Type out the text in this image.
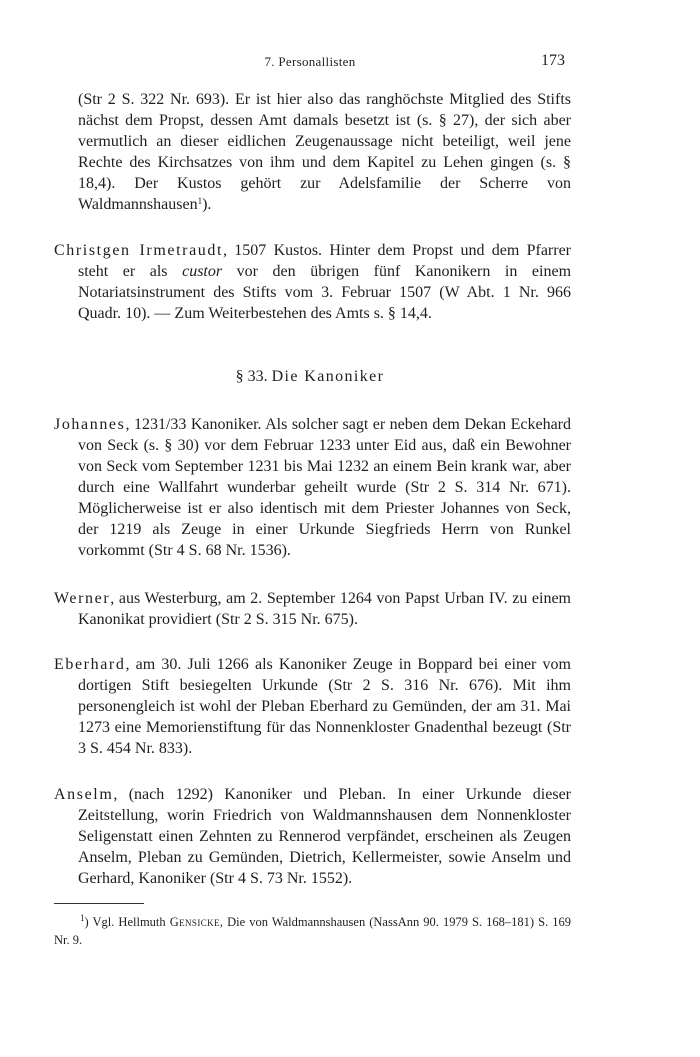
7. Personallisten	173

(Str 2 S. 322 Nr. 693). Er ist hier also das ranghöchste Mitglied des Stifts nächst dem Propst, dessen Amt damals besetzt ist (s. § 27), der sich aber vermutlich an dieser eidlichen Zeugenaussage nicht beteiligt, weil jene Rechte des Kirchsatzes von ihm und dem Kapitel zu Lehen gingen (s. § 18,4). Der Kustos gehört zur Adelsfamilie der Scherre von Waldmannshausen$^1$).

Christgen Irmetraudt, 1507 Kustos. Hinter dem Propst und dem Pfarrer steht er als custor vor den übrigen fünf Kanonikern in einem Notariatsinstrument des Stifts vom 3. Februar 1507 (W Abt. 1 Nr. 966 Quadr. 10). — Zum Weiterbestehen des Amts s. § 14,4.

§ 33. Die Kanoniker

Johannes, 1231/33 Kanoniker. Als solcher sagt er neben dem Dekan Eckehard von Seck (s. § 30) vor dem Februar 1233 unter Eid aus, daß ein Bewohner von Seck vom September 1231 bis Mai 1232 an einem Bein krank war, aber durch eine Wallfahrt wunderbar geheilt wurde (Str 2 S. 314 Nr. 671). Möglicherweise ist er also identisch mit dem Priester Johannes von Seck, der 1219 als Zeuge in einer Urkunde Siegfrieds Herrn von Runkel vorkommt (Str 4 S. 68 Nr. 1536).

Werner, aus Westerburg, am 2. September 1264 von Papst Urban IV. zu einem Kanonikat providiert (Str 2 S. 315 Nr. 675).

Eberhard, am 30. Juli 1266 als Kanoniker Zeuge in Boppard bei einer vom dortigen Stift besiegelten Urkunde (Str 2 S. 316 Nr. 676). Mit ihm personengleich ist wohl der Pleban Eberhard zu Gemünden, der am 31. Mai 1273 eine Memorienstiftung für das Nonnenkloster Gnadenthal bezeugt (Str 3 S. 454 Nr. 833).

Anselm, (nach 1292) Kanoniker und Pleban. In einer Urkunde dieser Zeitstellung, worin Friedrich von Waldmannshausen dem Nonnenkloster Seligenstatt einen Zehnten zu Rennerod verpfändet, erscheinen als Zeugen Anselm, Pleban zu Gemünden, Dietrich, Kellermeister, sowie Anselm und Gerhard, Kanoniker (Str 4 S. 73 Nr. 1552).

$^1$) Vgl. Hellmuth Gensicke, Die von Waldmannshausen (NassAnn 90. 1979 S. 168–181) S. 169 Nr. 9.
